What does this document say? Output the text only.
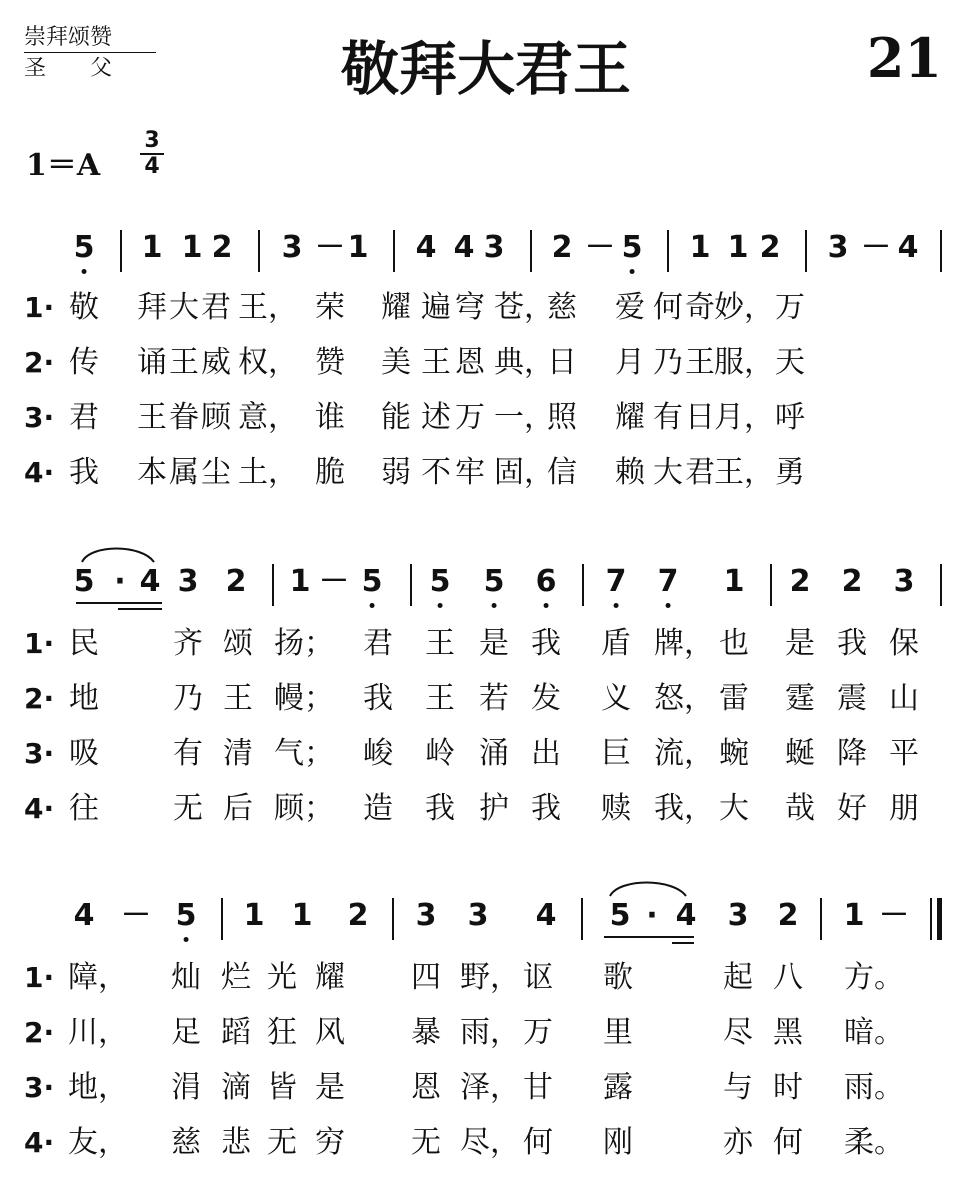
崇拜颂赞
圣父	敬拜大君王	21
1＝A
3
4
5 1 1 2 3 － 1 4 4 3 2 － 5 1 1 2 3 － 4
1· 敬 拜 大 君 王， 荣 耀 遍 穹 苍，
慈 爱 何 奇 妙， 万
2· 传 诵 王 威 权， 赞 美 王 恩 典，
日 月 乃 王 服， 天
3· 君 王 眷 顾 意， 谁 能 述 万 一，
照 耀 有 日 月， 呼
4· 我 本 属 尘 土， 脆 弱 不 牢 固，
信 赖 大 君 王， 勇
5 · 4 3 2 1 － 5 5 5 6 7 7 1 2 2 3
1· 民 齐 颂 扬； 君 王 是 我 盾 牌， 也 是 我 保
2· 地 乃 王 幔； 我 王 若 发 义 怒， 雷 霆 震 山
3· 吸 有 清 气； 峻 岭 涌 出 巨 流， 蜿 蜒 降 平
4· 往 无 后 顾； 造 我 护 我 赎 我， 大 哉 好 朋
4 － 5 1 1 2 3 3 4 5 · 4 3 2 1 －
1· 障， 灿 烂 光 耀 四 野， 讴 歌	起 八 方。
2· 川， 足 蹈 狂 风 暴 雨， 万 里	尽 黑 暗。
3· 地， 涓 滴 皆 是 恩 泽， 甘 露	与 时 雨。
4· 友， 慈 悲 无 穷 无 尽， 何 刚	亦 何 柔。
